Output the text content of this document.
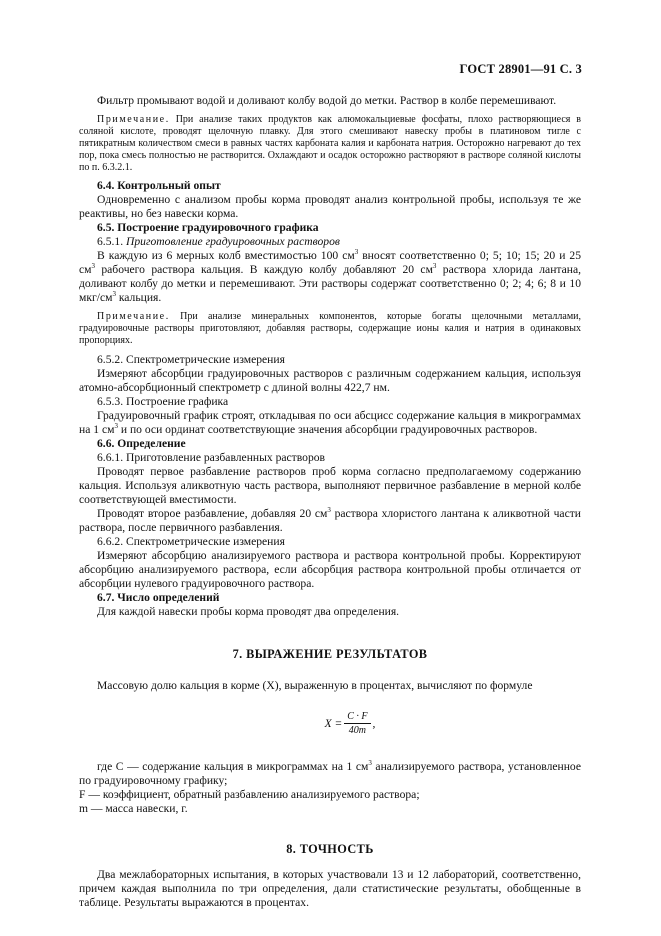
ГОСТ 28901—91 С. 3

Фильтр промывают водой и доливают колбу водой до метки. Раствор в колбе перемешивают.

Примечание. При анализе таких продуктов как алюмокальциевые фосфаты, плохо растворяющиеся в соляной кислоте, проводят щелочную плавку. Для этого смешивают навеску пробы в платиновом тигле с пятикратным количеством смеси в равных частях карбоната калия и карбоната натрия. Осторожно нагревают до тех пор, пока смесь полностью не растворится. Охлаждают и осадок осторожно растворяют в растворе соляной кислоты по п. 6.3.2.1.

6.4. Контрольный опыт

Одновременно с анализом пробы корма проводят анализ контрольной пробы, используя те же реактивы, но без навески корма.

6.5. Построение градуировочного графика

6.5.1. Приготовление градуировочных растворов

В каждую из 6 мерных колб вместимостью 100 $см^3$ вносят соответственно 0; 5; 10; 15; 20 и 25 $см^3$ рабочего раствора кальция. В каждую колбу добавляют 20 $см^3$ раствора хлорида лантана, доливают колбу до метки и перемешивают. Эти растворы содержат соответственно 0; 2; 4; 6; 8 и 10 мкг/$см^3$ кальция.

Примечание. При анализе минеральных компонентов, которые богаты щелочными металлами, градуировочные растворы приготовляют, добавляя растворы, содержащие ионы калия и натрия в одинаковых пропорциях.

6.5.2. Спектрометрические измерения

Измеряют абсорбции градуировочных растворов с различным содержанием кальция, используя атомно-абсорбционный спектрометр с длиной волны 422,7 нм.

6.5.3. Построение графика

Градуировочный график строят, откладывая по оси абсцисс содержание кальция в микрограммах на 1 $см^3$ и по оси ординат соответствующие значения абсорбции градуировочных растворов.

6.6. Определение

6.6.1. Приготовление разбавленных растворов

Проводят первое разбавление растворов проб корма согласно предполагаемому содержанию кальция. Используя аликвотную часть раствора, выполняют первичное разбавление в мерной колбе соответствующей вместимости.

Проводят второе разбавление, добавляя 20 $см^3$ раствора хлористого лантана к аликвотной части раствора, после первичного разбавления.

6.6.2. Спектрометрические измерения

Измеряют абсорбцию анализируемого раствора и раствора контрольной пробы. Корректируют абсорбцию анализируемого раствора, если абсорбция раствора контрольной пробы отличается от абсорбции нулевого градуировочного раствора.

6.7. Число определений

Для каждой навески пробы корма проводят два определения.

7. ВЫРАЖЕНИЕ РЕЗУЛЬТАТОВ

Массовую долю кальция в корме (X), выраженную в процентах, вычисляют по формуле

$X = \frac{C \cdot F}{40m}$ ,

где C — содержание кальция в микрограммах на 1 $см^3$ анализируемого раствора, установленное по градуировочному графику;

F — коэффициент, обратный разбавлению анализируемого раствора;

m — масса навески, г.

8. ТОЧНОСТЬ

Два межлабораторных испытания, в которых участвовали 13 и 12 лабораторий, соответственно, причем каждая выполнила по три определения, дали статистические результаты, обобщенные в таблице. Результаты выражаются в процентах.
